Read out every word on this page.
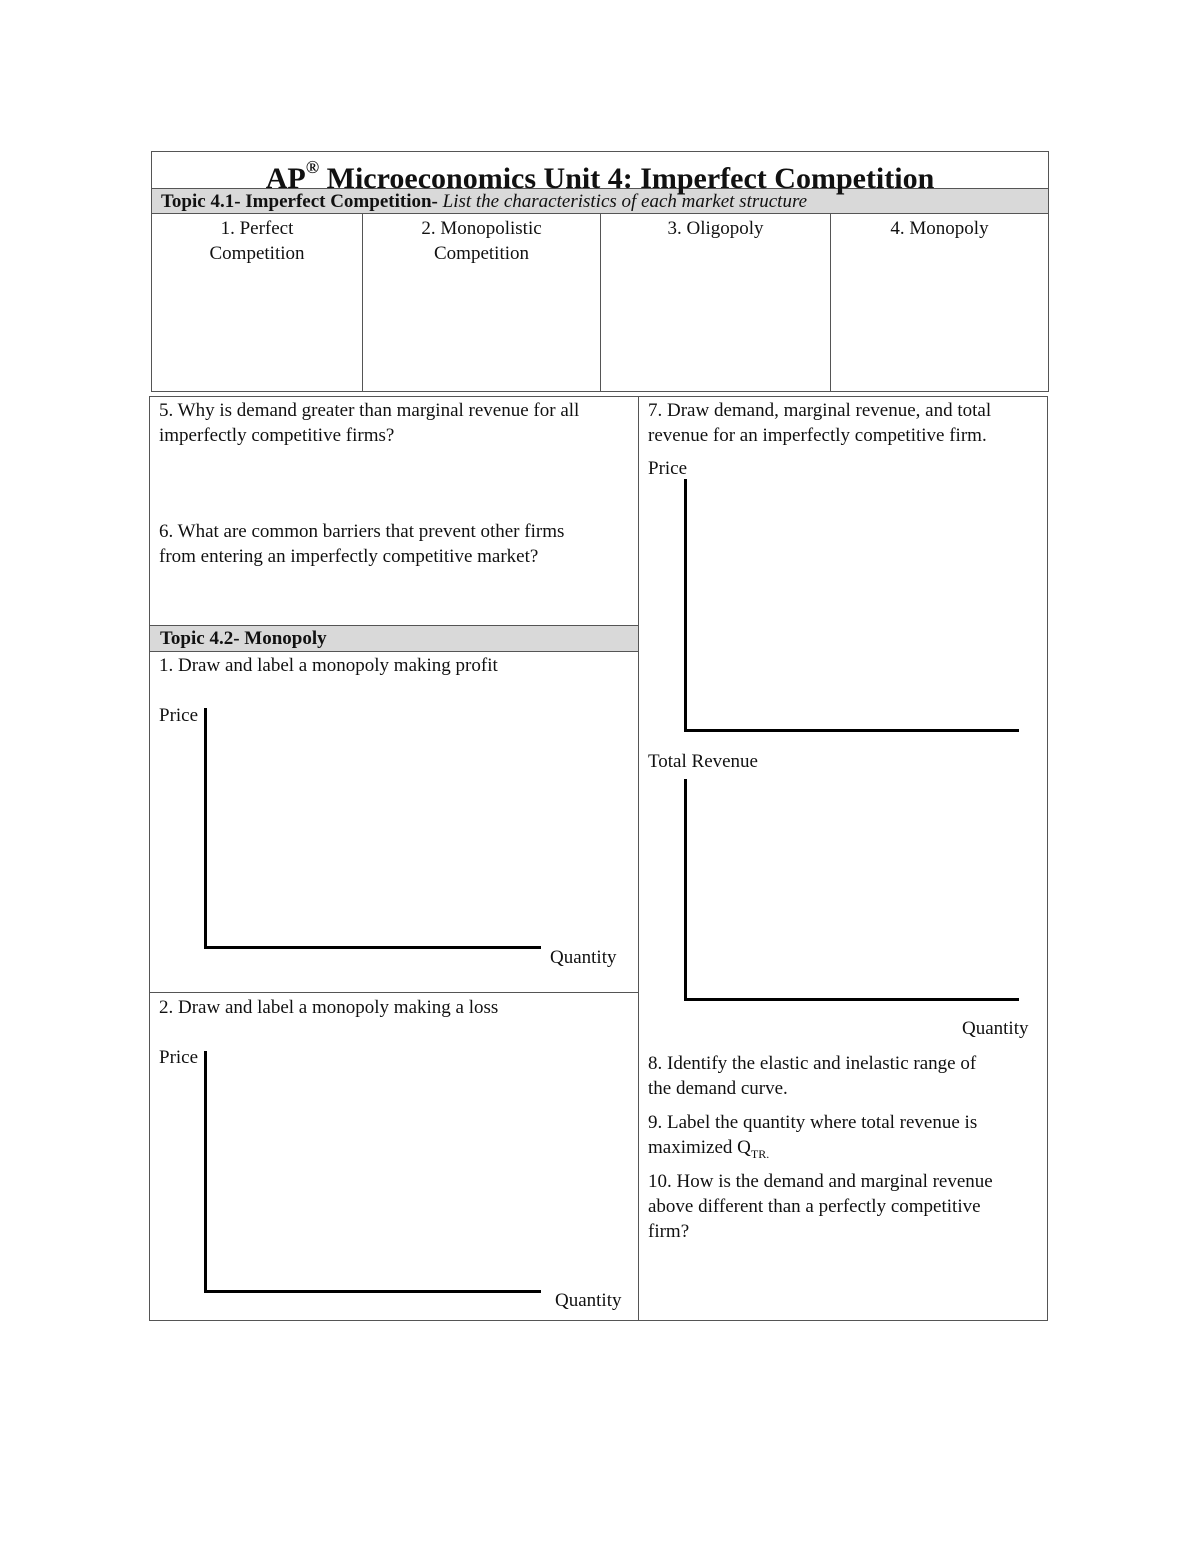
AP® Microeconomics Unit 4: Imperfect Competition
Topic 4.1- Imperfect Competition- List the characteristics of each market structure
1. Perfect
Competition
2. Monopolistic
Competition
3. Oligopoly	4. Monopoly
5. Why is demand greater than marginal revenue for all
imperfectly competitive firms?
6. What are common barriers that prevent other firms
from entering an imperfectly competitive market?
Topic 4.2- Monopoly
1. Draw and label a monopoly making profit
Price
Quantity
2. Draw and label a monopoly making a loss
Price
Quantity
7. Draw demand, marginal revenue, and total
revenue for an imperfectly competitive firm.
Price
Total Revenue
Quantity
8. Identify the elastic and inelastic range of
the demand curve.
9. Label the quantity where total revenue is
maximized $Q_{TR.}$
10. How is the demand and marginal revenue
above different than a perfectly competitive
firm?
